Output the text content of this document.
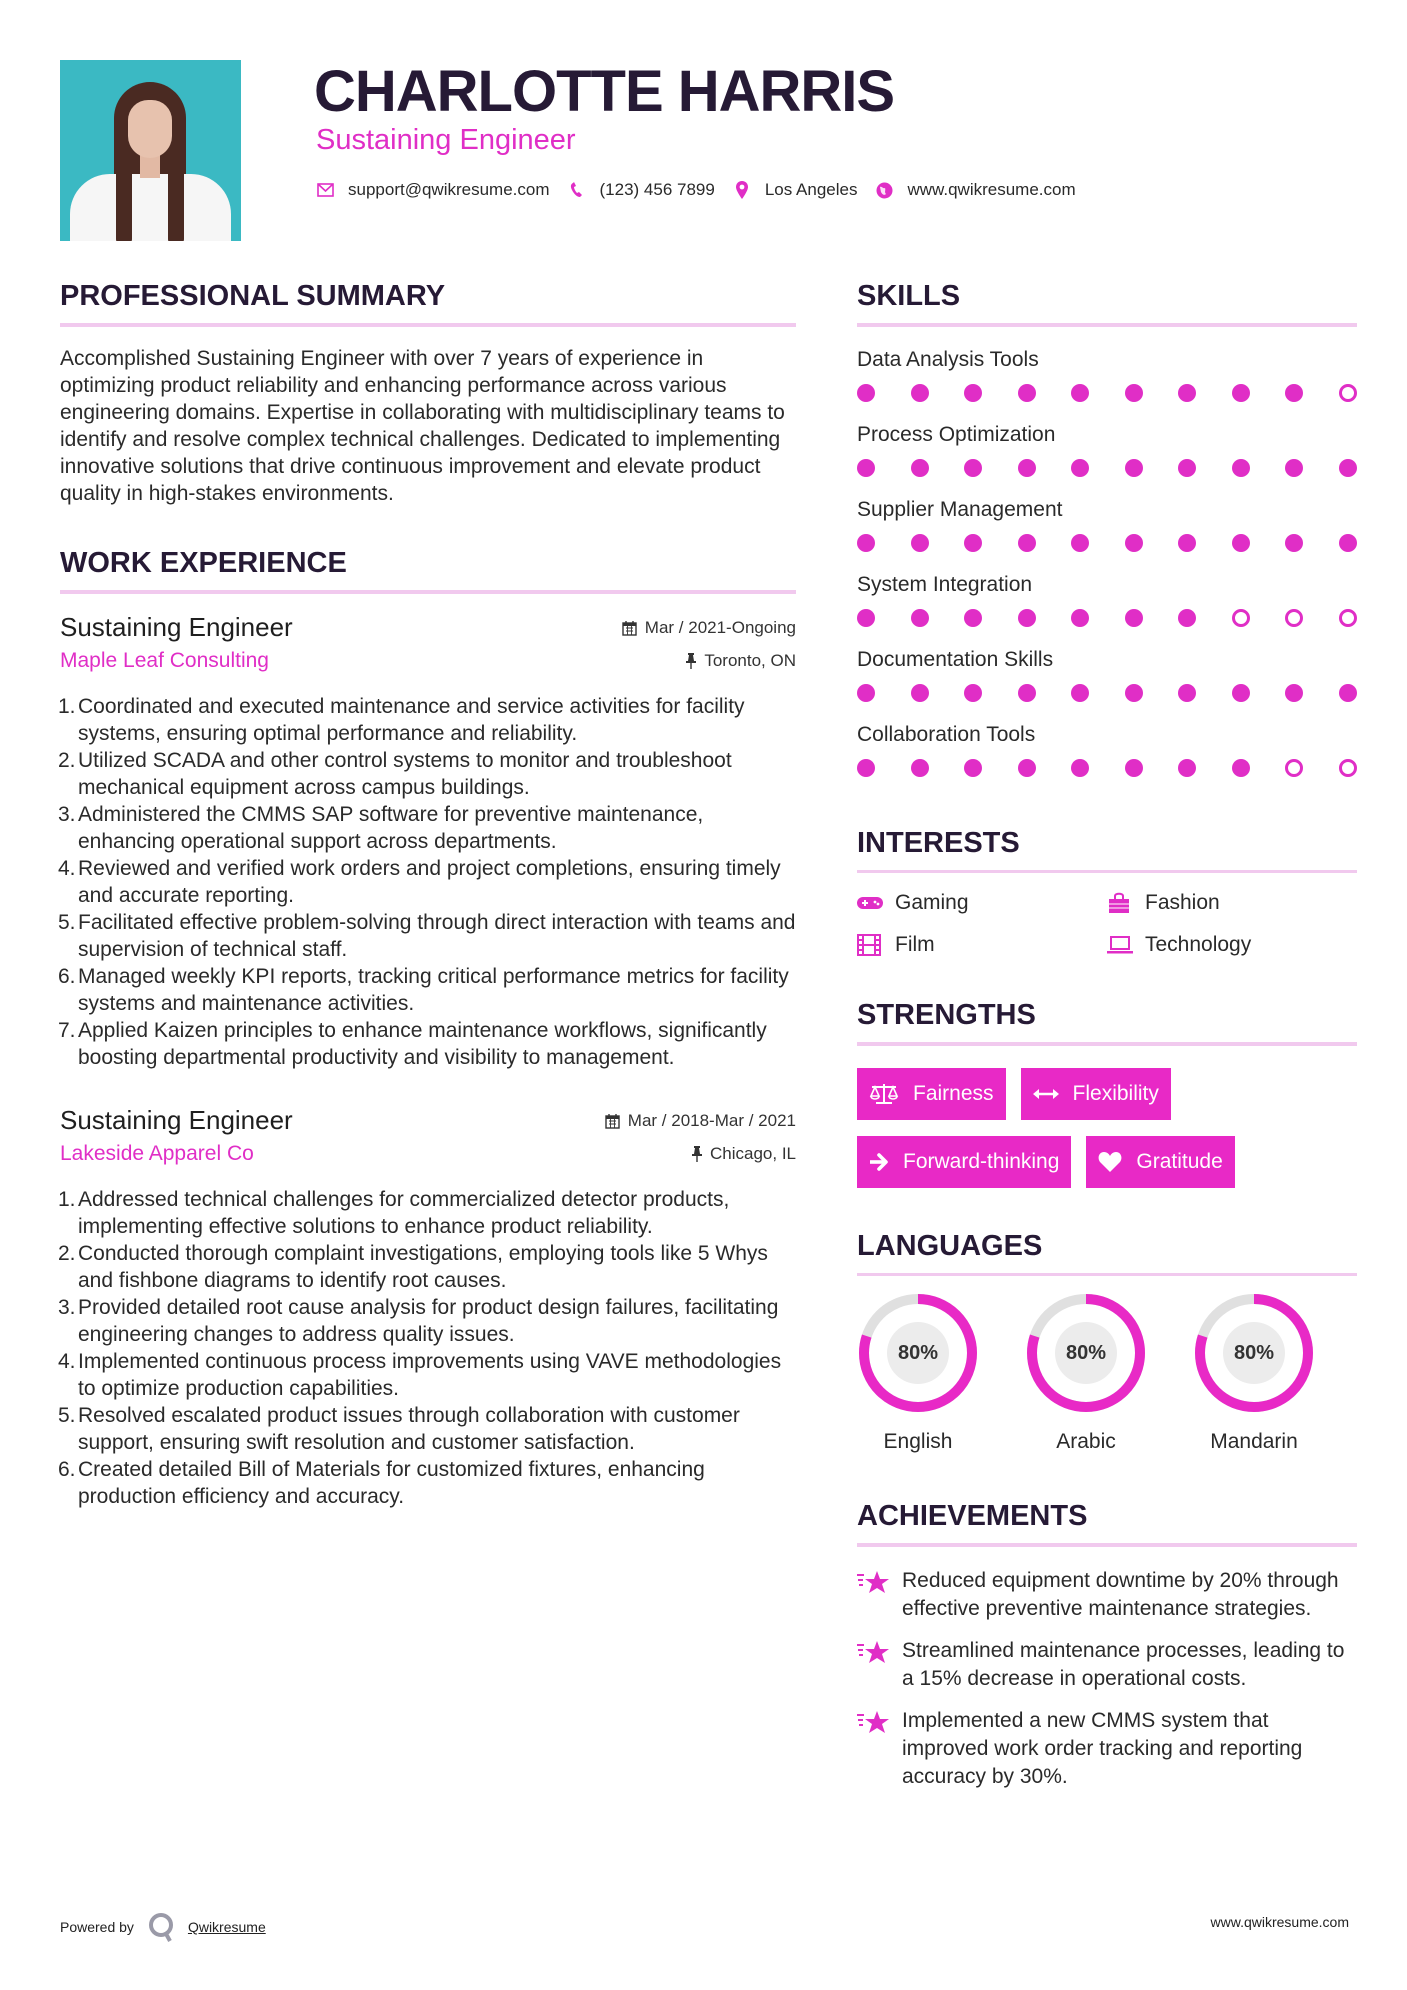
CHARLOTTE HARRIS
Sustaining Engineer
support@qwikresume.com	(123) 456 7899	Los Angeles	www.qwikresume.com
PROFESSIONAL SUMMARY

Accomplished Sustaining Engineer with over 7 years of experience in optimizing product reliability and enhancing performance across various engineering domains. Expertise in collaborating with multidisciplinary teams to identify and resolve complex technical challenges. Dedicated to implementing innovative solutions that drive continuous improvement and elevate product quality in high-stakes environments.

WORK EXPERIENCE
Sustaining Engineer	Mar / 2021-Ongoing
Maple Leaf Consulting	Toronto, ON
1. Coordinated and executed maintenance and service activities for facility systems, ensuring optimal performance and reliability.
2. Utilized SCADA and other control systems to monitor and troubleshoot mechanical equipment across campus buildings.
3. Administered the CMMS SAP software for preventive maintenance, enhancing operational support across departments.
4. Reviewed and verified work orders and project completions, ensuring timely and accurate reporting.
5. Facilitated effective problem-solving through direct interaction with teams and supervision of technical staff.
6. Managed weekly KPI reports, tracking critical performance metrics for facility systems and maintenance activities.
7. Applied Kaizen principles to enhance maintenance workflows, significantly boosting departmental productivity and visibility to management.
Sustaining Engineer	Mar / 2018-Mar / 2021
Lakeside Apparel Co	Chicago, IL
1. Addressed technical challenges for commercialized detector products, implementing effective solutions to enhance product reliability.
2. Conducted thorough complaint investigations, employing tools like 5 Whys and fishbone diagrams to identify root causes.
3. Provided detailed root cause analysis for product design failures, facilitating engineering changes to address quality issues.
4. Implemented continuous process improvements using VAVE methodologies to optimize production capabilities.
5. Resolved escalated product issues through collaboration with customer support, ensuring swift resolution and customer satisfaction.
6. Created detailed Bill of Materials for customized fixtures, enhancing production efficiency and accuracy.
SKILLS
Data Analysis Tools
Process Optimization
Supplier Management
System Integration
Documentation Skills
Collaboration Tools
INTERESTS
Gaming	Fashion
Film	Technology
STRENGTHS
Fairness	Flexibility
Forward-thinking	Gratitude
LANGUAGES
80%
English
80%
Arabic
80%
Mandarin
ACHIEVEMENTS
Reduced equipment downtime by 20% through effective preventive maintenance strategies.
Streamlined maintenance processes, leading to a 15% decrease in operational costs.
Implemented a new CMMS system that improved work order tracking and reporting accuracy by 30%.
Powered by	Qwikresume	www.qwikresume.com
